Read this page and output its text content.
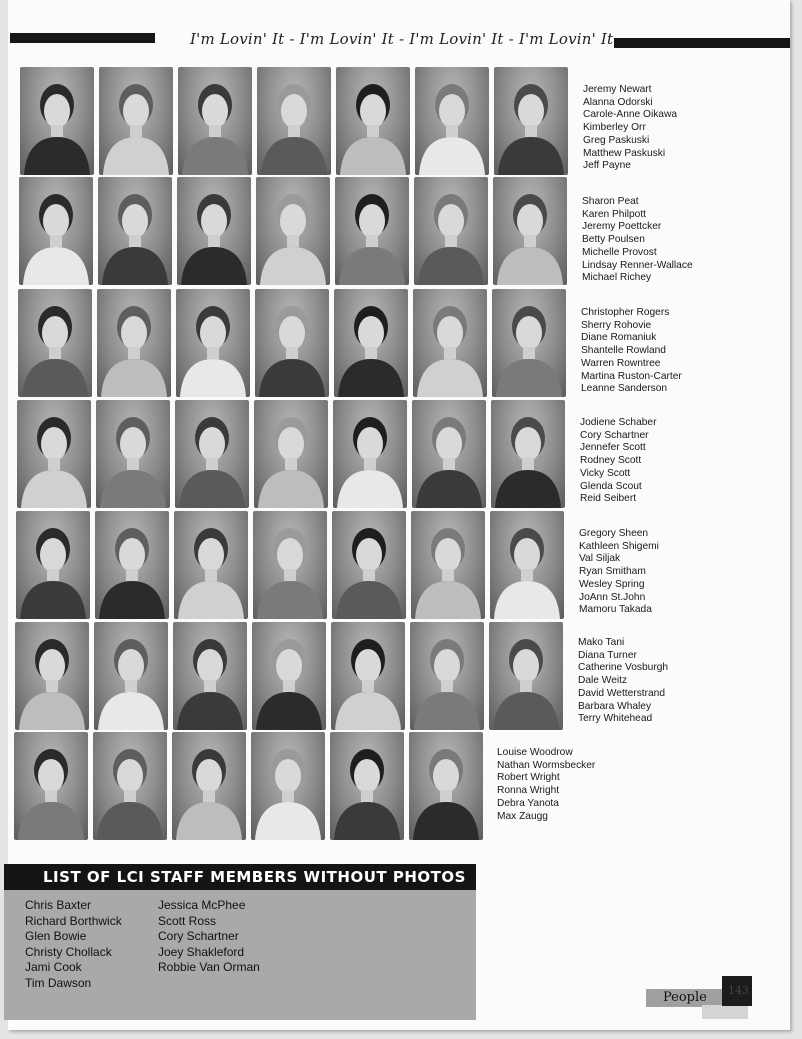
I'm Lovin' It - I'm Lovin' It - I'm Lovin' It - I'm Lovin' It
Jeremy Newart
Alanna Odorski
Carole-Anne Oikawa
Kimberley Orr
Greg Paskuski
Matthew Paskuski
Jeff Payne
Sharon Peat
Karen Philpott
Jeremy Poettcker
Betty Poulsen
Michelle Provost
Lindsay Renner-Wallace
Michael Richey
Christopher Rogers
Sherry Rohovie
Diane Romaniuk
Shantelle Rowland
Warren Rowntree
Martina Ruston-Carter
Leanne Sanderson
Jodiene Schaber
Cory Schartner
Jennefer Scott
Rodney Scott
Vicky Scott
Glenda Scout
Reid Seibert
Gregory Sheen
Kathleen Shigemi
Val Siljak
Ryan Smitham
Wesley Spring
JoAnn St.John
Mamoru Takada
Mako Tani
Diana Turner
Catherine Vosburgh
Dale Weitz
David Wetterstrand
Barbara Whaley
Terry Whitehead
Louise Woodrow
Nathan Wormsbecker
Robert Wright
Ronna Wright
Debra Yanota
Max Zaugg
LIST OF LCI STAFF MEMBERS WITHOUT PHOTOS
Chris Baxter
Richard Borthwick
Glen Bowie
Christy Chollack
Jami Cook
Tim Dawson
Jessica McPhee
Scott Ross
Cory Schartner
Joey Shakleford
Robbie Van Orman
People 143
